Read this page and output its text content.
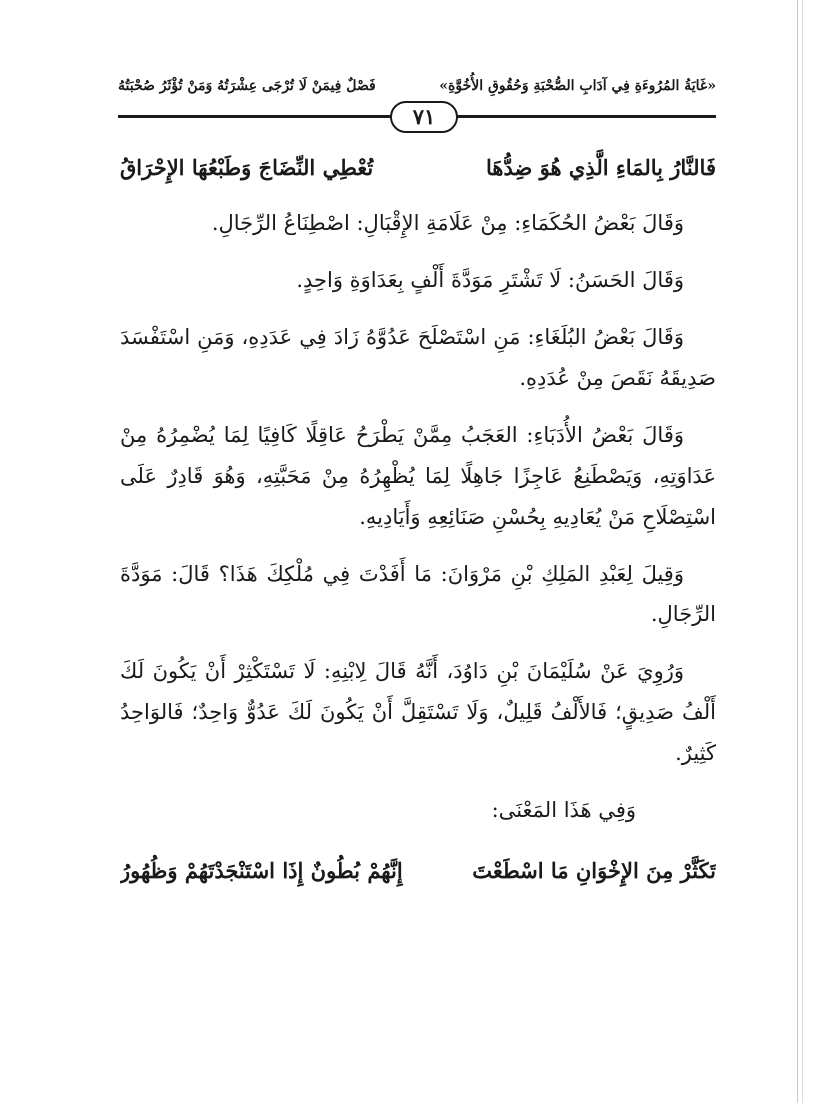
«غَايَةُ المُرُوءَةِ فِي آدَابِ الصُّحْبَةِ وَحُقُوقِ الأُخُوَّةِ»
فَصْلٌ فِيمَنْ لَا تُرْجَى عِشْرَتُهُ وَمَنْ تُؤْثَرُ صُحْبَتُهُ
٧١
فَالنَّارُ بِالمَاءِ الَّذِي هُوَ ضِدُّهَا
تُعْطِي النِّضَاجَ وَطَبْعُهَا الإِحْرَاقُ

وَقَالَ بَعْضُ الحُكَمَاءِ: مِنْ عَلَامَةِ الإِقْبَالِ: اصْطِنَاعُ الرِّجَالِ.

وَقَالَ الحَسَنُ: لَا تَشْتَرِ مَوَدَّةَ أَلْفٍ بِعَدَاوَةِ وَاحِدٍ.

وَقَالَ بَعْضُ البُلَغَاءِ: مَنِ اسْتَصْلَحَ عَدُوَّهُ زَادَ فِي عَدَدِهِ، وَمَنِ اسْتَفْسَدَ صَدِيقَهُ نَقَصَ مِنْ عُدَدِهِ.

وَقَالَ بَعْضُ الأُدَبَاءِ: العَجَبُ مِمَّنْ يَطْرَحُ عَاقِلًا كَافِيًا لِمَا يُضْمِرُهُ مِنْ عَدَاوَتِهِ، وَيَصْطَنِعُ عَاجِزًا جَاهِلًا لِمَا يُظْهِرُهُ مِنْ مَحَبَّتِهِ، وَهُوَ قَادِرٌ عَلَى اسْتِصْلَاحِ مَنْ يُعَادِيهِ بِحُسْنِ صَنَائِعِهِ وَأَيَادِيهِ.

وَقِيلَ لِعَبْدِ المَلِكِ بْنِ مَرْوَانَ: مَا أَفَدْتَ فِي مُلْكِكَ هَذَا؟ قَالَ: مَوَدَّةَ الرِّجَالِ.

وَرُوِيَ عَنْ سُلَيْمَانَ بْنِ دَاوُدَ، أَنَّهُ قَالَ لِابْنِهِ: لَا تَسْتَكْثِرْ أَنْ يَكُونَ لَكَ أَلْفُ صَدِيقٍ؛ فَالأَلْفُ قَلِيلٌ، وَلَا تَسْتَقِلَّ أَنْ يَكُونَ لَكَ عَدُوٌّ وَاحِدٌ؛ فَالوَاحِدُ كَثِيرٌ.

وَفِي هَذَا المَعْنَى:

تَكَثَّرْ مِنَ الإِخْوَانِ مَا اسْطَعْتَ
إِنَّهُمْ بُطُونٌ إِذَا اسْتَنْجَدْتَهُمْ وَظُهُورُ
